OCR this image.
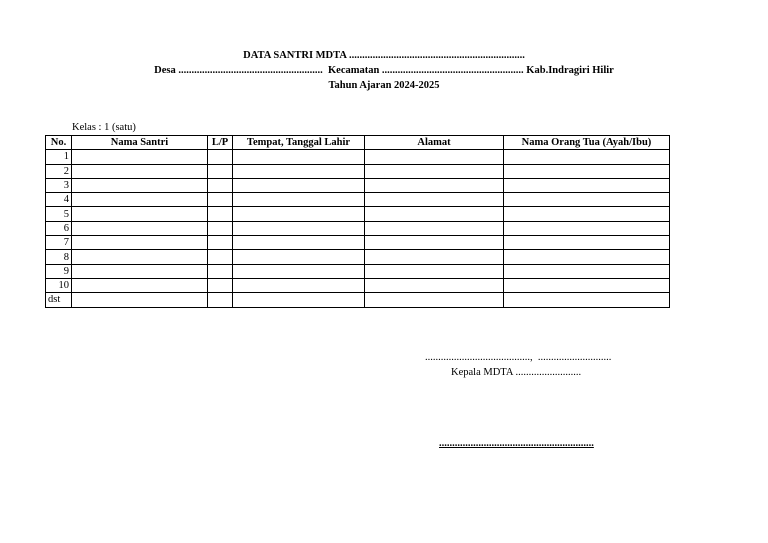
DATA SANTRI MDTA ...................................................................
Desa .......................................................  Kecamatan ...................................................... Kab.Indragiri Hilir
Tahun Ajaran 2024-2025
Kelas : 1 (satu)
No.	Nama Santri	L/P	Tempat, Tanggal Lahir	Alamat	Nama Orang Tua (Ayah/Ibu)
1					
2					
3					
4					
5					
6					
7					
8					
9					
10					
dst					
........................................,  ............................
Kepala MDTA .........................
...........................................................
